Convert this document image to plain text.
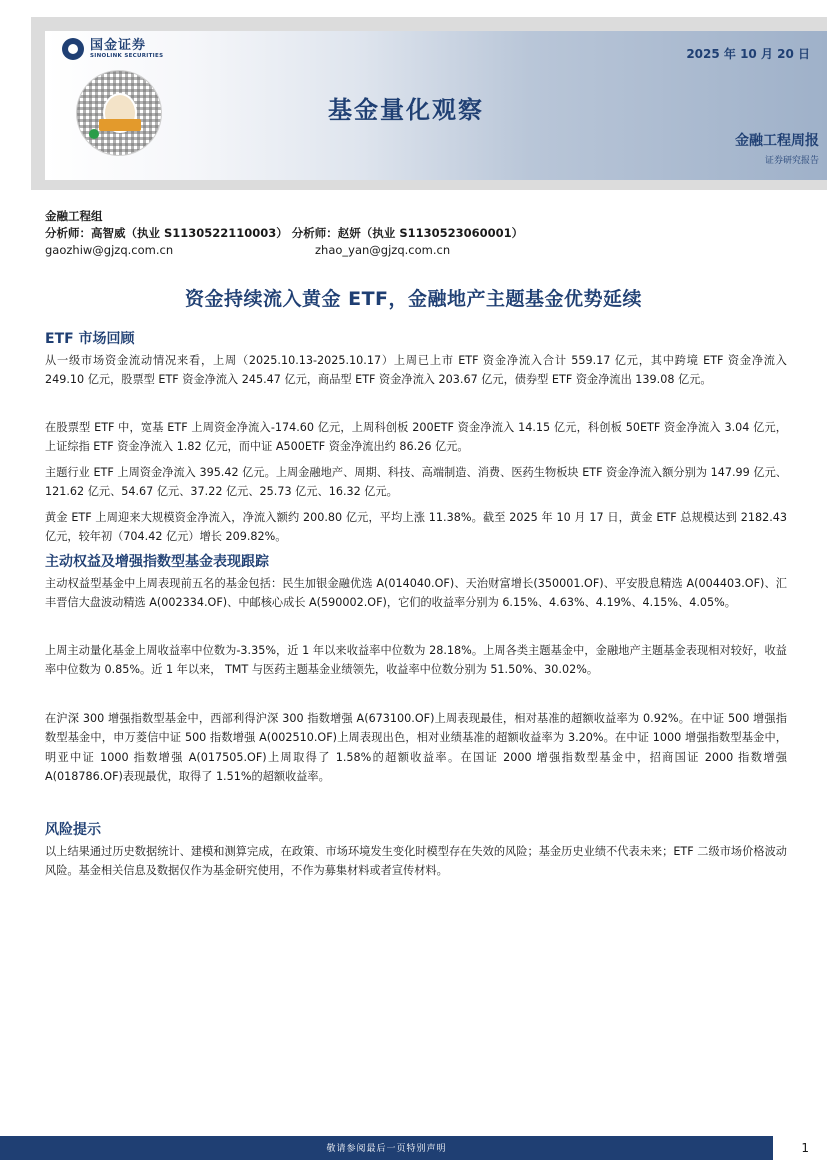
国金证券
SINOLINK SECURITIES
基金量化观察
2025 年 10 月 20 日
金融工程周报
证券研究报告
金融工程组
分析师：高智威（执业 S1130522110003） 分析师：赵妍（执业 S1130523060001）
gaozhiw@gjzq.com.cn	zhao_yan@gjzq.com.cn
资金持续流入黄金 ETF，金融地产主题基金优势延续
ETF 市场回顾
从一级市场资金流动情况来看，上周（2025.10.13-2025.10.17）上周已上市 ETF 资金净流入合计 559.17 亿元，其中跨境 ETF 资金净流入 249.10 亿元，股票型 ETF 资金净流入 245.47 亿元，商品型 ETF 资金净流入 203.67 亿元，债券型 ETF 资金净流出 139.08 亿元。
在股票型 ETF 中，宽基 ETF 上周资金净流入-174.60 亿元，上周科创板 200ETF 资金净流入 14.15 亿元，科创板 50ETF 资金净流入 3.04 亿元，上证综指 ETF 资金净流入 1.82 亿元，而中证 A500ETF 资金净流出约 86.26 亿元。
主题行业 ETF 上周资金净流入 395.42 亿元。上周金融地产、周期、科技、高端制造、消费、医药生物板块 ETF 资金净流入额分别为 147.99 亿元、121.62 亿元、54.67 亿元、37.22 亿元、25.73 亿元、16.32 亿元。
黄金 ETF 上周迎来大规模资金净流入，净流入额约 200.80 亿元，平均上涨 11.38%。截至 2025 年 10 月 17 日，黄金 ETF 总规模达到 2182.43 亿元，较年初（704.42 亿元）增长 209.82%。
主动权益及增强指数型基金表现跟踪
主动权益型基金中上周表现前五名的基金包括：民生加银金融优选 A(014040.OF)、天治财富增长(350001.OF)、平安股息精选 A(004403.OF)、汇丰晋信大盘波动精选 A(002334.OF)、中邮核心成长 A(590002.OF)，它们的收益率分别为 6.15%、4.63%、4.19%、4.15%、4.05%。
上周主动量化基金上周收益率中位数为-3.35%，近 1 年以来收益率中位数为 28.18%。上周各类主题基金中，金融地产主题基金表现相对较好，收益率中位数为 0.85%。近 1 年以来， TMT 与医药主题基金业绩领先，收益率中位数分别为 51.50%、30.02%。
在沪深 300 增强指数型基金中，西部利得沪深 300 指数增强 A(673100.OF)上周表现最佳，相对基准的超额收益率为 0.92%。在中证 500 增强指数型基金中，申万菱信中证 500 指数增强 A(002510.OF)上周表现出色，相对业绩基准的超额收益率为 3.20%。在中证 1000 增强指数型基金中，明亚中证 1000 指数增强 A(017505.OF)上周取得了 1.58%的超额收益率。在国证 2000 增强指数型基金中，招商国证 2000 指数增强 A(018786.OF)表现最优，取得了 1.51%的超额收益率。
风险提示
以上结果通过历史数据统计、建模和测算完成，在政策、市场环境发生变化时模型存在失效的风险；基金历史业绩不代表未来；ETF 二级市场价格波动风险。基金相关信息及数据仅作为基金研究使用，不作为募集材料或者宣传材料。
敬请参阅最后一页特别声明	1
